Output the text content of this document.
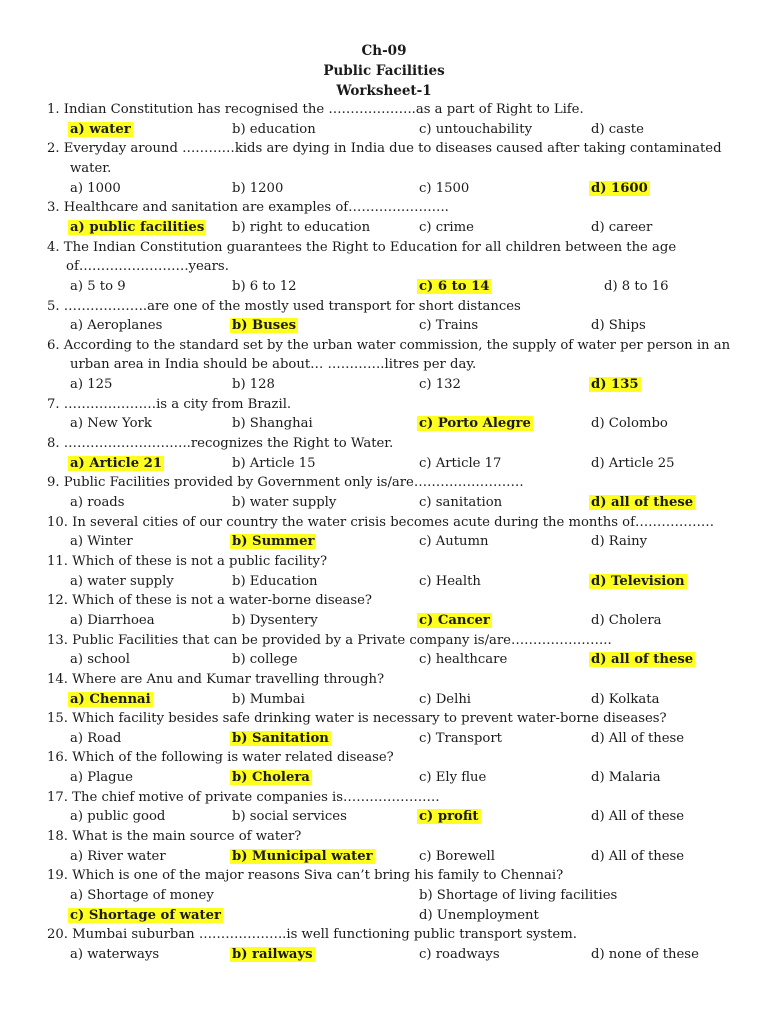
Ch-09
Public Facilities
Worksheet-1
1. Indian Constitution has recognised the ………………..as a part of Right to Life.
a) water	b) education	c) untouchability	d) caste
2. Everyday around …………kids are dying in India due to diseases caused after taking contaminated
water.
a) 1000	b) 1200	c) 1500	d) 1600
3. Healthcare and sanitation are examples of…………………..
a) public facilities b) right to education	c) crime	d) career
4. The Indian Constitution guarantees the Right to Education for all children between the age
of…………………….years.
a) 5 to 9	b) 6 to 12	c) 6 to 14	d) 8 to 16
5. ……………….are one of the mostly used transport for short distances
a) Aeroplanes	b) Buses	c) Trains	d) Ships
6. According to the standard set by the urban water commission, the supply of water per person in an
urban area in India should be about… ………….litres per day.
a) 125	b) 128	c) 132	d) 135
7. …………………is a city from Brazil.
a) New York	b) Shanghai	c) Porto Alegre	d) Colombo
8. ………………………..recognizes the Right to Water.
a) Article 21	b) Article 15	c) Article 17	d) Article 25
9. Public Facilities provided by Government only is/are…………………….
a) roads	b) water supply	c) sanitation	d) all of these
10. In several cities of our country the water crisis becomes acute during the months of………………
a) Winter	b) Summer	c) Autumn	d) Rainy
11. Which of these is not a public facility?
a) water supply	b) Education	c) Health	d) Television
12. Which of these is not a water-borne disease?
a) Diarrhoea	b) Dysentery	c) Cancer	d) Cholera
13. Public Facilities that can be provided by a Private company is/are…………………..
a) school	b) college	c) healthcare	d) all of these
14. Where are Anu and Kumar travelling through?
a) Chennai	b) Mumbai	c) Delhi	d) Kolkata
15. Which facility besides safe drinking water is necessary to prevent water-borne diseases?
a) Road	b) Sanitation	c) Transport	d) All of these
16. Which of the following is water related disease?
a) Plague	b) Cholera	c) Ely flue	d) Malaria
17. The chief motive of private companies is………………….
a) public good	b) social services	c) profit	d) All of these
18. What is the main source of water?
a) River water	b) Municipal water	c) Borewell	d) All of these
19. Which is one of the major reasons Siva can’t bring his family to Chennai?
a) Shortage of money	b) Shortage of living facilities
c) Shortage of water	d) Unemployment
20. Mumbai suburban ………………..is well functioning public transport system.
a) waterways	b) railways	c) roadways	d) none of these
